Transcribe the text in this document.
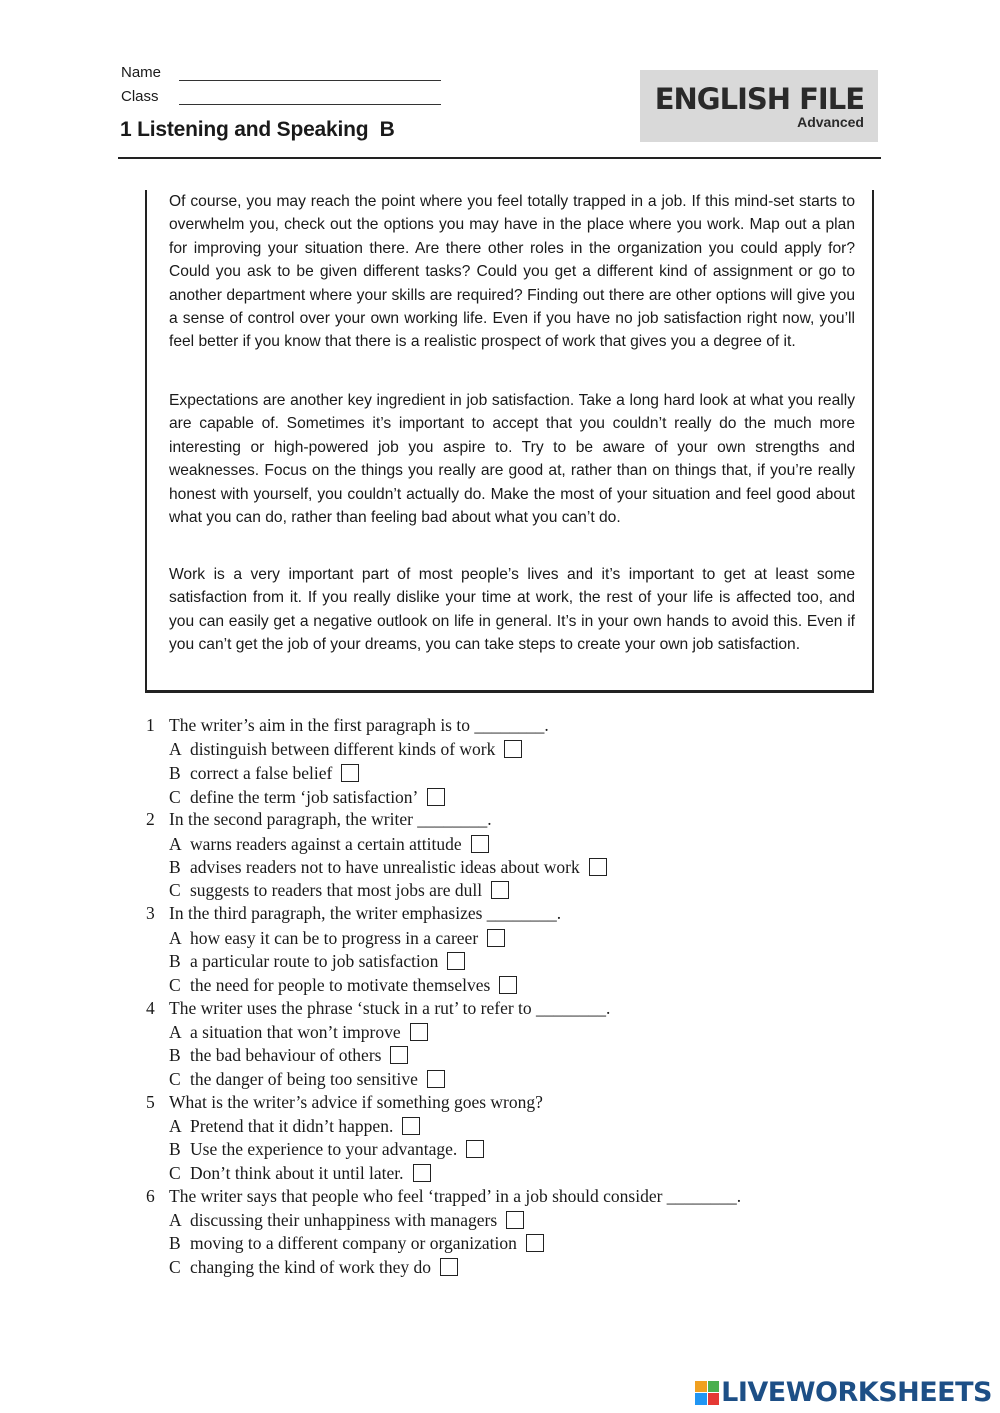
Name
Class
1 Listening and Speaking  B
ENGLISH FILE
Advanced

Of course, you may reach the point where you feel totally trapped in a job. If this mind-set starts to overwhelm you, check out the options you may have in the place where you work. Map out a plan for improving your situation there. Are there other roles in the organization you could apply for? Could you ask to be given different tasks? Could you get a different kind of assignment or go to another department where your skills are required? Finding out there are other options will give you a sense of control over your own working life. Even if you have no job satisfaction right now, you’ll feel better if you know that there is a realistic prospect of work that gives you a degree of it.

Expectations are another key ingredient in job satisfaction. Take a long hard look at what you really are capable of. Sometimes it’s important to accept that you couldn’t really do the much more interesting or high-powered job you aspire to. Try to be aware of your own strengths and weaknesses. Focus on the things you really are good at, rather than on things that, if you’re really honest with yourself, you couldn’t actually do. Make the most of your situation and feel good about what you can do, rather than feeling bad about what you can’t do.

Work is a very important part of most people’s lives and it’s important to get at least some satisfaction from it. If you really dislike your time at work, the rest of your life is affected too, and you can easily get a negative outlook on life in general. It’s in your own hands to avoid this. Even if you can’t get the job of your dreams, you can take steps to create your own job satisfaction.

1 The writer’s aim in the first paragraph is to ________.
A distinguish between different kinds of work
B correct a false belief
C define the term ‘job satisfaction’
2 In the second paragraph, the writer ________.
A warns readers against a certain attitude
B advises readers not to have unrealistic ideas about work
C suggests to readers that most jobs are dull
3 In the third paragraph, the writer emphasizes ________.
A how easy it can be to progress in a career
B a particular route to job satisfaction
C the need for people to motivate themselves
4 The writer uses the phrase ‘stuck in a rut’ to refer to ________.
A a situation that won’t improve
B the bad behaviour of others
C the danger of being too sensitive
5 What is the writer’s advice if something goes wrong?
A Pretend that it didn’t happen.
B Use the experience to your advantage.
C Don’t think about it until later.
6 The writer says that people who feel ‘trapped’ in a job should consider ________.
A discussing their unhappiness with managers
B moving to a different company or organization
C changing the kind of work they do
LIVEWORKSHEETS
